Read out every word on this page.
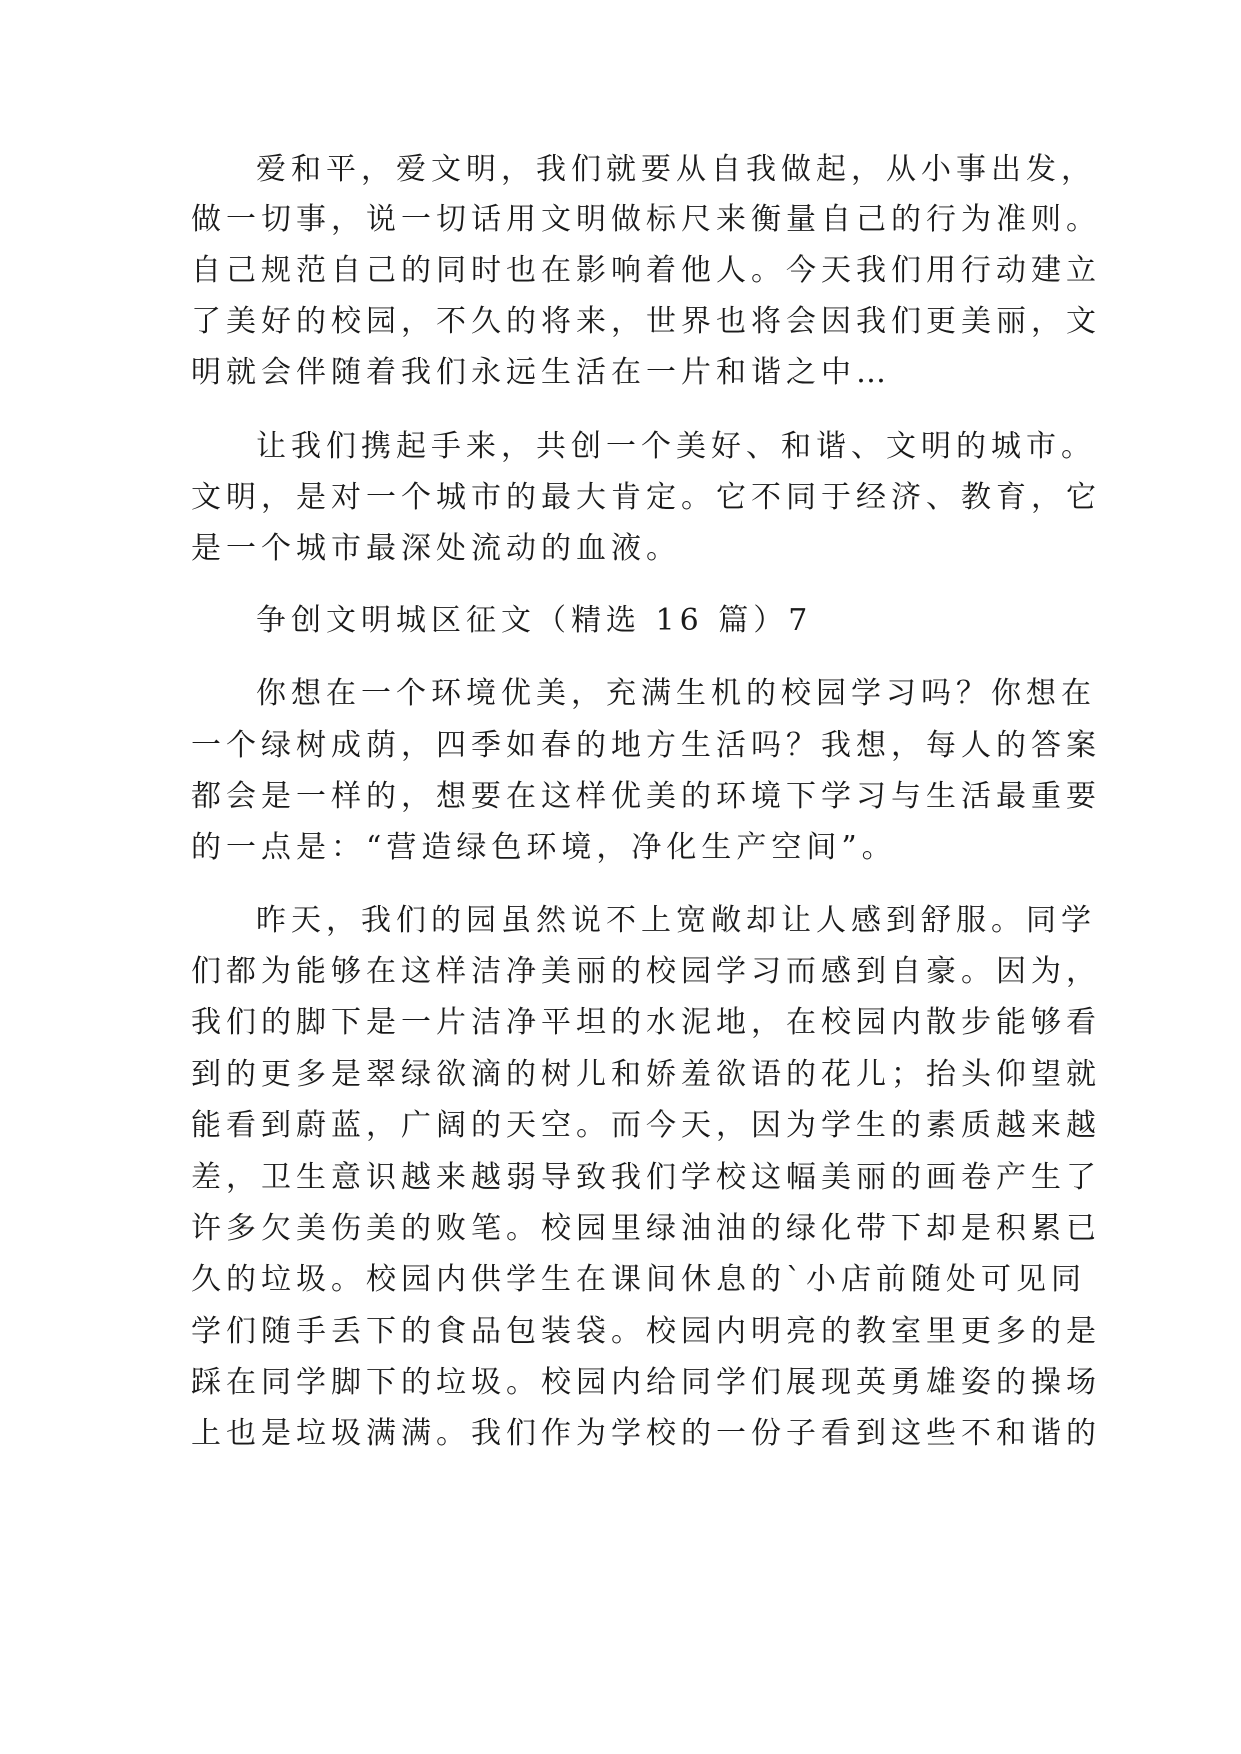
爱和平，爱文明，我们就要从自我做起，从小事出发，
做一切事，说一切话用文明做标尺来衡量自己的行为准则。
自己规范自己的同时也在影响着他人。今天我们用行动建立
了美好的校园，不久的将来，世界也将会因我们更美丽，文
明就会伴随着我们永远生活在一片和谐之中…
让我们携起手来，共创一个美好、和谐、文明的城市。
文明，是对一个城市的最大肯定。它不同于经济、教育，它
是一个城市最深处流动的血液。
争创文明城区征文（精选 16 篇）7
你想在一个环境优美，充满生机的校园学习吗？你想在
一个绿树成荫，四季如春的地方生活吗？我想，每人的答案
都会是一样的，想要在这样优美的环境下学习与生活最重要
的一点是：“营造绿色环境，净化生产空间”。
昨天，我们的园虽然说不上宽敞却让人感到舒服。同学
们都为能够在这样洁净美丽的校园学习而感到自豪。因为，
我们的脚下是一片洁净平坦的水泥地，在校园内散步能够看
到的更多是翠绿欲滴的树儿和娇羞欲语的花儿；抬头仰望就
能看到蔚蓝，广阔的天空。而今天，因为学生的素质越来越
差，卫生意识越来越弱导致我们学校这幅美丽的画卷产生了
许多欠美伤美的败笔。校园里绿油油的绿化带下却是积累已
久的垃圾。校园内供学生在课间休息的`小店前随处可见同
学们随手丢下的食品包装袋。校园内明亮的教室里更多的是
踩在同学脚下的垃圾。校园内给同学们展现英勇雄姿的操场
上也是垃圾满满。我们作为学校的一份子看到这些不和谐的
